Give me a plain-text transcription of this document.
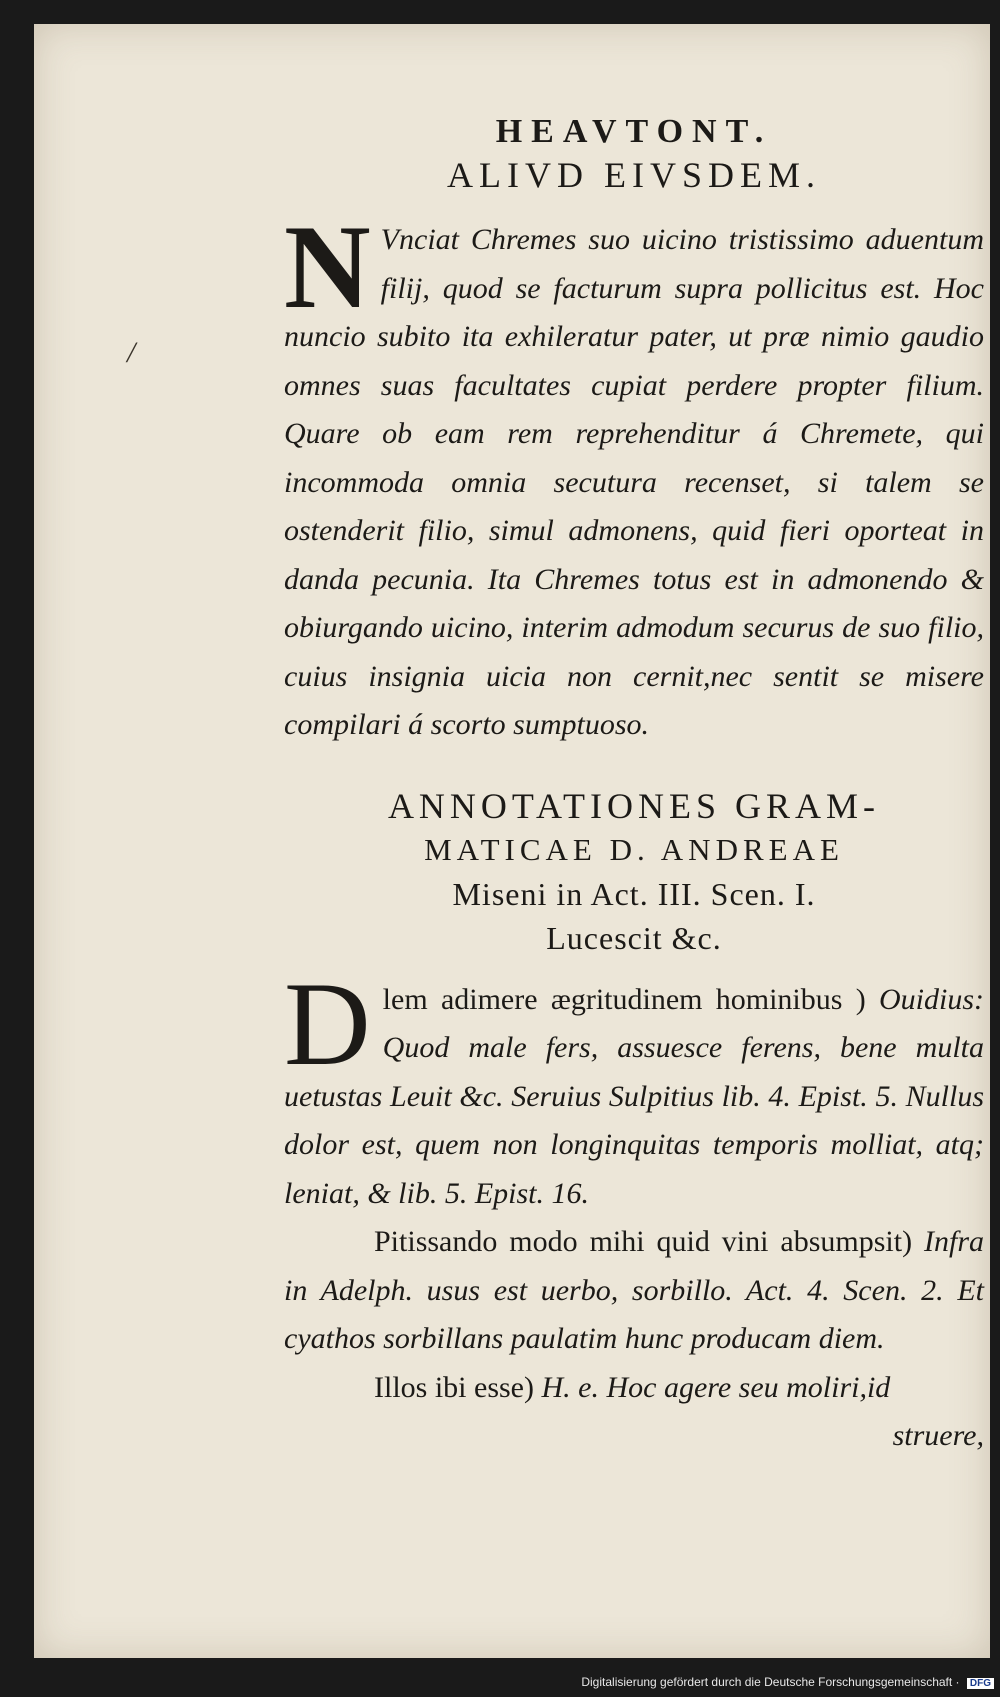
/

HEAVTONT.

ALIVD EIVSDEM.

N Vnciat Chremes suo uicino tristissimo aduentum filij, quod se facturum supra pollicitus est. Hoc nuncio subito ita exhileratur pater, ut præ nimio gaudio omnes suas facultates cupiat perdere propter filium. Quare ob eam rem reprehenditur á Chremete, qui incommoda omnia secutura recenset, si talem se ostenderit filio, simul admonens, quid fieri oporteat in danda pecunia. Ita Chremes totus est in admonendo & obiurgando uicino, interim admodum securus de suo filio, cuius insignia uicia non cernit,nec sentit se misere compilari á scorto sumptuoso.

ANNOTATIONES GRAM-

MATICAE D. ANDREAE

Miseni in Act. III. Scen. I.

Lucescit &c.

D lem adimere ægritudinem hominibus ) Ouidius: Quod male fers, assuesce ferens, bene multa uetustas Leuit &c. Seruius Sulpitius lib. 4. Epist. 5. Nullus dolor est, quem non longinquitas temporis molliat, atq; leniat, & lib. 5. Epist. 16.

Pitissando modo mihi quid vini absumpsit) Infra in Adelph. usus est uerbo, sorbillo. Act. 4. Scen. 2. Et cyathos sorbillans paulatim hunc producam diem.

Illos ibi esse) H. e. Hoc agere seu moliri,id

struere,

Digitalisierung gefördert durch die Deutsche Forschungsgemeinschaft · DFG
